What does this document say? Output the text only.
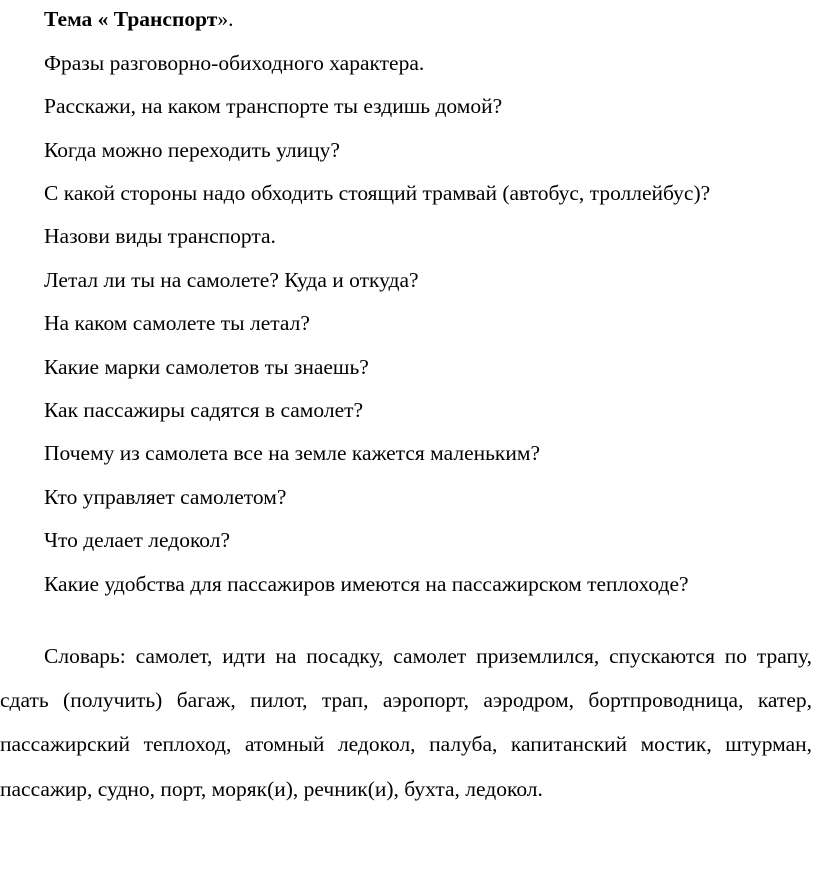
Тема « Транспорт».
Фразы разговорно-обиходного характера.
Расскажи, на каком транспорте ты ездишь домой?
Когда можно переходить улицу?
С какой стороны надо обходить стоящий трамвай (автобус, троллейбус)?
Назови виды транспорта.
Летал ли ты на самолете? Куда и откуда?
На каком самолете ты летал?
Какие марки самолетов ты знаешь?
Как пассажиры садятся в самолет?
Почему из самолета все на земле кажется маленьким?
Кто управляет самолетом?
Что делает ледокол?
Какие удобства для пассажиров имеются на пассажирском теплоходе?

Словарь: самолет, идти на посадку, самолет приземлился, спускаются по трапу, сдать (получить) багаж, пилот, трап, аэропорт, аэродром, бортпроводница, катер, пассажирский теплоход, атомный ледокол, палуба, капитанский мостик, штурман, пассажир, судно, порт, моряк(и), речник(и), бухта, ледокол.
